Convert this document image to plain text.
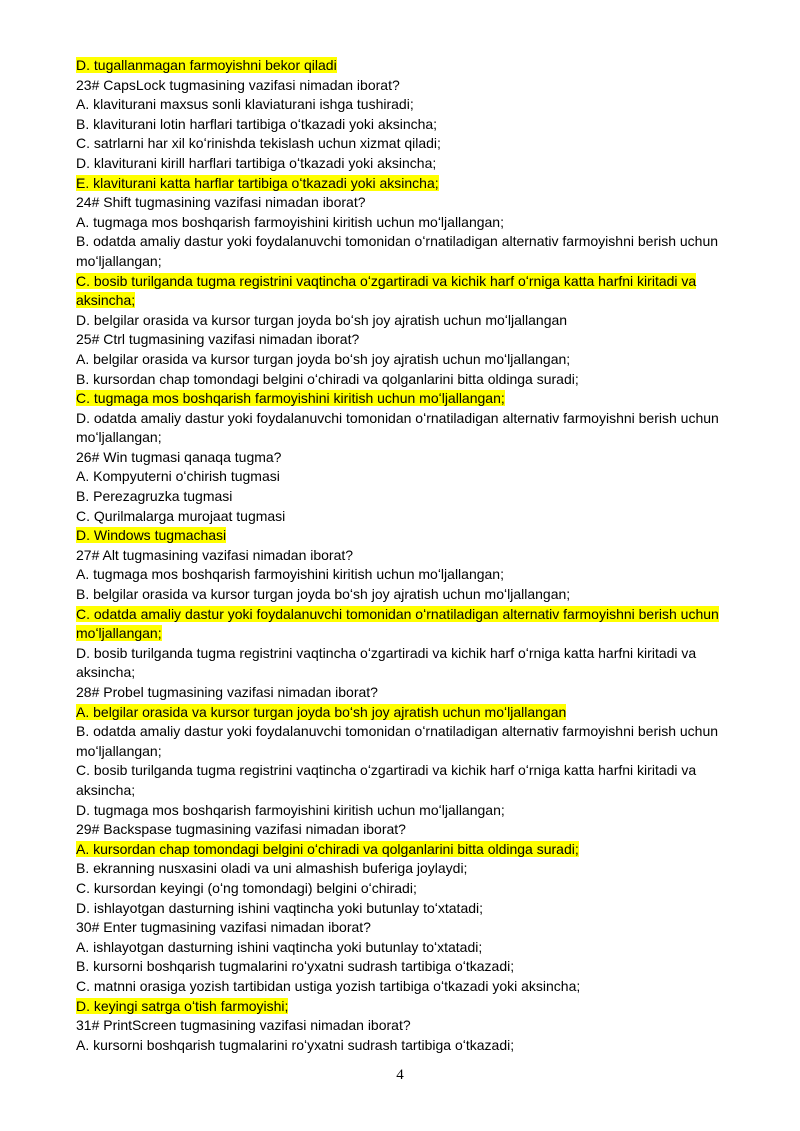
D. tugallanmagan farmoyishni bekor qiladi
23# CapsLock tugmasining vazifasi nimadan iborat?
A. klaviturani maxsus sonli klaviaturani ishga tushiradi;
B. klaviturani lotin harflari tartibiga oʻtkazadi yoki aksincha;
C. satrlarni har xil koʻrinishda tekislash uchun xizmat qiladi;
D. klaviturani kirill harflari tartibiga oʻtkazadi yoki aksincha;
E. klaviturani katta harflar tartibiga oʻtkazadi yoki aksincha;
24# Shift tugmasining vazifasi nimadan iborat?
A. tugmaga mos boshqarish farmoyishini kiritish uchun moʻljallangan;
B. odatda amaliy dastur yoki foydalanuvchi tomonidan oʻrnatiladigan alternativ farmoyishni berish uchun moʻljallangan;
C. bosib turilganda tugma registrini vaqtincha oʻzgartiradi va kichik harf oʻrniga katta harfni kiritadi va aksincha;
D. belgilar orasida va kursor turgan joyda boʻsh joy ajratish uchun moʻljallangan
25# Ctrl tugmasining vazifasi nimadan iborat?
A. belgilar orasida va kursor turgan joyda boʻsh joy ajratish uchun moʻljallangan;
B. kursordan chap tomondagi belgini oʻchiradi va qolganlarini bitta oldinga suradi;
C. tugmaga mos boshqarish farmoyishini kiritish uchun moʻljallangan;
D. odatda amaliy dastur yoki foydalanuvchi tomonidan oʻrnatiladigan alternativ farmoyishni berish uchun moʻljallangan;
26# Win tugmasi qanaqa tugma?
A. Kompyuterni oʻchirish tugmasi
B. Perezagruzka tugmasi
C. Qurilmalarga murojaat tugmasi
D. Windows tugmachasi
27# Alt tugmasining vazifasi nimadan iborat?
A. tugmaga mos boshqarish farmoyishini kiritish uchun moʻljallangan;
B. belgilar orasida va kursor turgan joyda boʻsh joy ajratish uchun moʻljallangan;
C. odatda amaliy dastur yoki foydalanuvchi tomonidan oʻrnatiladigan alternativ farmoyishni berish uchun moʻljallangan;
D. bosib turilganda tugma registrini vaqtincha oʻzgartiradi va kichik harf oʻrniga katta harfni kiritadi va aksincha;
28# Probel tugmasining vazifasi nimadan iborat?
A. belgilar orasida va kursor turgan joyda boʻsh joy ajratish uchun moʻljallangan
B. odatda amaliy dastur yoki foydalanuvchi tomonidan oʻrnatiladigan alternativ farmoyishni berish uchun moʻljallangan;
C. bosib turilganda tugma registrini vaqtincha oʻzgartiradi va kichik harf oʻrniga katta harfni kiritadi va aksincha;
D. tugmaga mos boshqarish farmoyishini kiritish uchun moʻljallangan;
29# Backspase tugmasining vazifasi nimadan iborat?
A. kursordan chap tomondagi belgini oʻchiradi va qolganlarini bitta oldinga suradi;
B. ekranning nusxasini oladi va uni almashish buferiga joylaydi;
C. kursordan keyingi (oʻng tomondagi) belgini oʻchiradi;
D. ishlayotgan dasturning ishini vaqtincha yoki butunlay toʻxtatadi;
30# Enter tugmasining vazifasi nimadan iborat?
A. ishlayotgan dasturning ishini vaqtincha yoki butunlay toʻxtatadi;
B. kursorni boshqarish tugmalarini roʻyxatni sudrash tartibiga oʻtkazadi;
C. matnni orasiga yozish tartibidan ustiga yozish tartibiga oʻtkazadi yoki aksincha;
D. keyingi satrga oʻtish farmoyishi;
31# PrintScreen tugmasining vazifasi nimadan iborat?
A. kursorni boshqarish tugmalarini roʻyxatni sudrash tartibiga oʻtkazadi;
4
